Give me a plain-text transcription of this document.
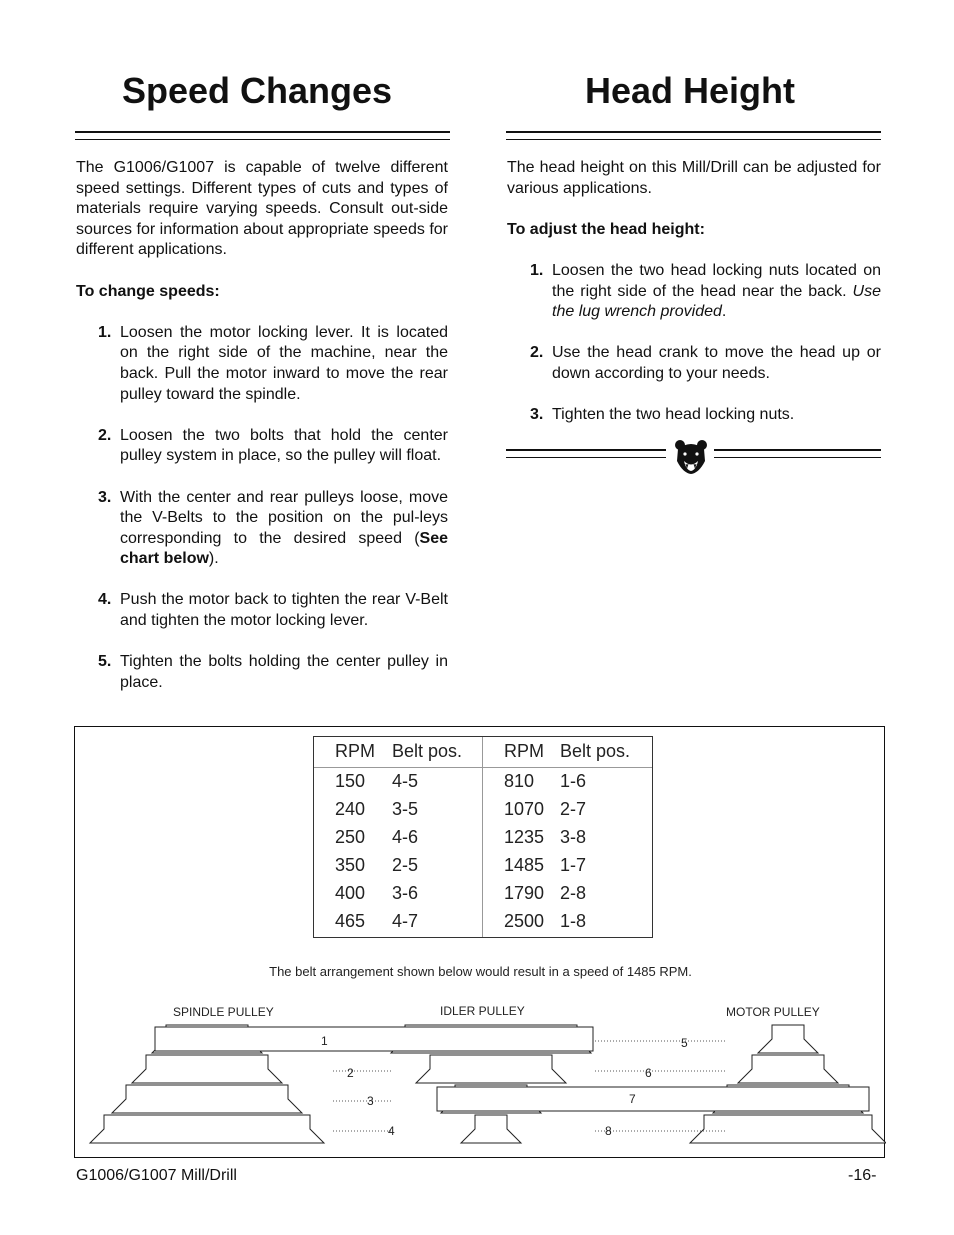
Speed Changes	Head Height

The G1006/G1007 is capable of twelve different speed settings. Different types of cuts and types of materials require varying speeds. Consult out-side sources for information about appropriate speeds for different applications.

To change speeds:

1. Loosen the motor locking lever. It is located on the right side of the machine, near the back. Pull the motor inward to move the rear pulley toward the spindle.
2. Loosen the two bolts that hold the center pulley system in place, so the pulley will float.
3. With the center and rear pulleys loose, move the V-Belts to the position on the pul-leys corresponding to the desired speed (See chart below).
4. Push the motor back to tighten the rear V-Belt and tighten the motor locking lever.
5. Tighten the bolts holding the center pulley in place.

The head height on this Mill/Drill can be adjusted for various applications.

To adjust the head height:

1. Loosen the two head locking nuts located on the right side of the head near the back. Use the lug wrench provided.
2. Use the head crank to move the head up or down according to your needs.
3. Tighten the two head locking nuts.
RPM Belt pos. RPM Belt pos.
150 4-5	810 1-6
240 3-5	1070 2-7
250 4-6	1235 3-8
350 2-5	1485 1-7
400 3-6	1790 2-8
465 4-7	2500 1-8
The belt arrangement shown below would result in a speed of 1485 RPM.
SPINDLE PULLEY	IDLER PULLEY	MOTOR PULLEY
1
2
3
4
5
6
7
8
G1006/G1007 Mill/Drill	-16-
